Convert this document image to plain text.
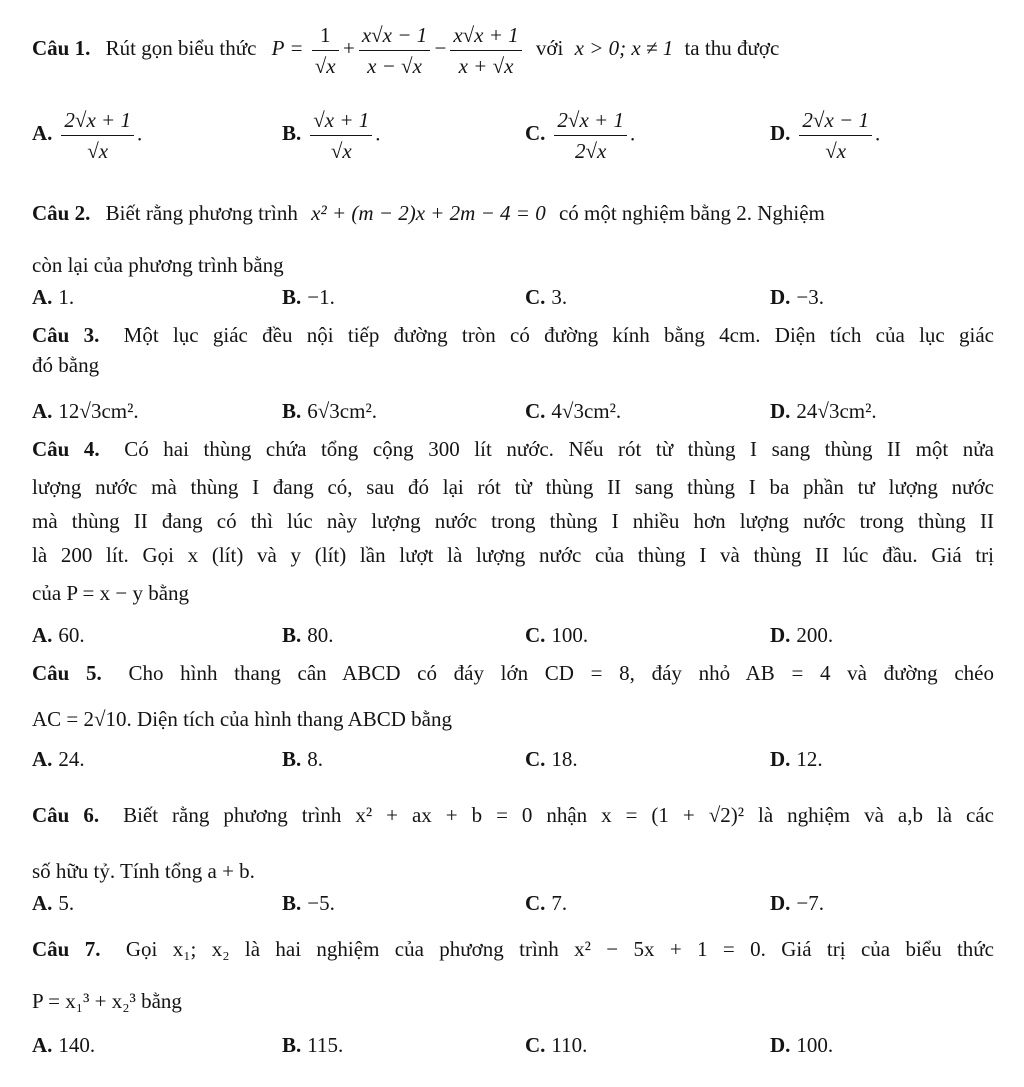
Câu 1. Rút gọn biểu thức $P = \frac{1}{√x} + \frac{x√x - 1}{x - √x} - \frac{x√x + 1}{x + √x}$ với x > 0; x ≠ 1 ta thu được
A. $\frac{2√x + 1}{√x}$ .	B. $\frac{√x + 1}{√x}$ .	C. $\frac{2√x + 1}{2√x}$ .	D. $\frac{2√x - 1}{√x}$ .
Câu 2. Biết rằng phương trình x² + (m − 2)x + 2m − 4 = 0 có một nghiệm bằng 2. Nghiệm
còn lại của phương trình bằng
A. 1.	B. −1.	C. 3.	D. −3.
Câu 3. Một lục giác đều nội tiếp đường tròn có đường kính bằng 4cm. Diện tích của lục giác
đó bằng
A. 12√3cm².	B. 6√3cm².	C. 4√3cm².	D. 24√3cm².
Câu 4. Có hai thùng chứa tổng cộng 300 lít nước. Nếu rót từ thùng I sang thùng II một nửa
lượng nước mà thùng I đang có, sau đó lại rót từ thùng II sang thùng I ba phần tư lượng nước
mà thùng II đang có thì lúc này lượng nước trong thùng I nhiều hơn lượng nước trong thùng II
là 200 lít. Gọi x (lít) và y (lít) lần lượt là lượng nước của thùng I và thùng II lúc đầu. Giá trị
của P = x − y bằng
A. 60.	B. 80.	C. 100.	D. 200.
Câu 5. Cho hình thang cân ABCD có đáy lớn CD = 8, đáy nhỏ AB = 4 và đường chéo
AC = 2√10. Diện tích của hình thang ABCD bằng
A. 24.	B. 8.	C. 18.	D. 12.
Câu 6. Biết rằng phương trình x² + ax + b = 0 nhận x = (1 + √2)² là nghiệm và a,b là các
số hữu tỷ. Tính tổng a + b.
A. 5.	B. −5.	C. 7.	D. −7.
Câu 7. Gọi x₁; x₂ là hai nghiệm của phương trình x² − 5x + 1 = 0. Giá trị của biểu thức
P = x₁³ + x₂³ bằng
A. 140.	B. 115.	C. 110.	D. 100.
